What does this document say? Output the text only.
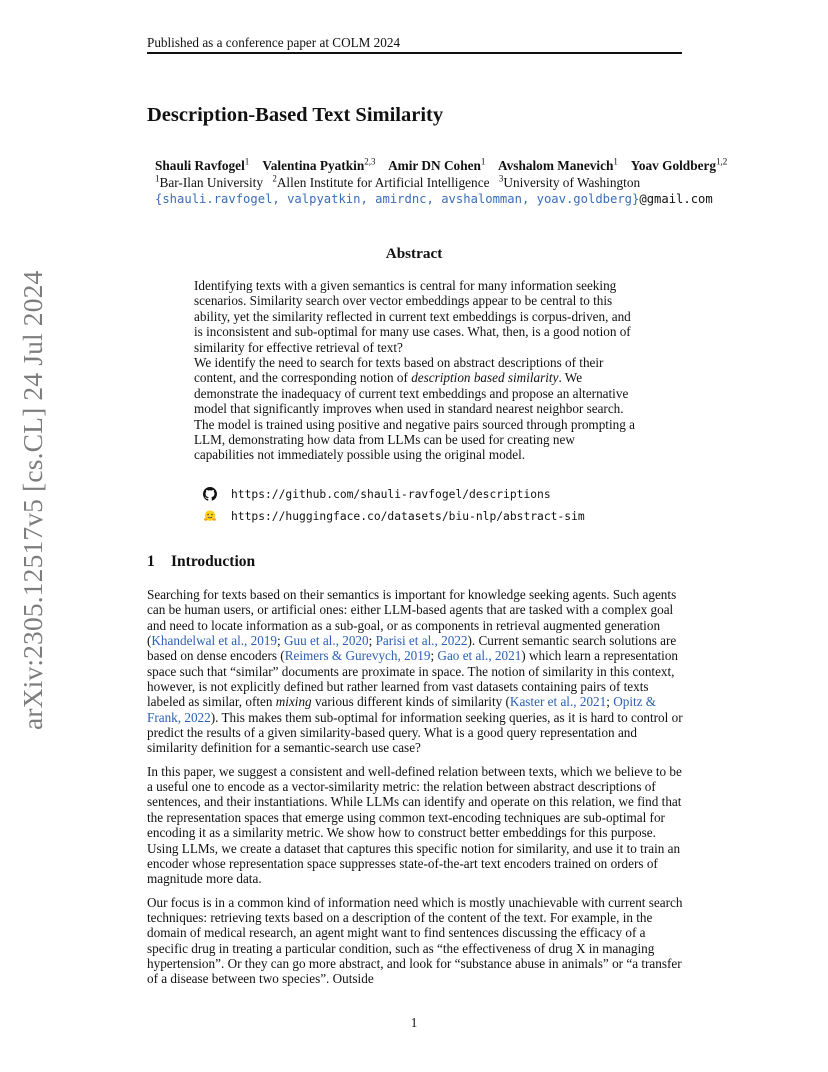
Published as a conference paper at COLM 2024
arXiv:2305.12517v5 [cs.CL] 24 Jul 2024
Description-Based Text Similarity
Shauli Ravfogel$^1$ Valentina Pyatkin$^{2,3}$ Amir DN Cohen$^1$ Avshalom Manevich$^1$ Yoav Goldberg$^{1,2}$
$^1$Bar-Ilan University $^2$Allen Institute for Artificial Intelligence $^3$University of Washington
{shauli.ravfogel, valpyatkin, amirdnc, avshalomman, yoav.goldberg}@gmail.com
Abstract

Identifying texts with a given semantics is central for many information seeking scenarios. Similarity search over vector embeddings appear to be central to this ability, yet the similarity reflected in current text embeddings is corpus-driven, and is inconsistent and sub-optimal for many use cases. What, then, is a good notion of similarity for effective retrieval of text?

We identify the need to search for texts based on abstract descriptions of their content, and the corresponding notion of description based similarity. We demonstrate the inadequacy of current text embeddings and propose an alternative model that significantly improves when used in standard nearest neighbor search. The model is trained using positive and negative pairs sourced through prompting a LLM, demonstrating how data from LLMs can be used for creating new capabilities not immediately possible using the original model.

https://github.com/shauli-ravfogel/descriptions
https://huggingface.co/datasets/biu-nlp/abstract-sim
1 Introduction

Searching for texts based on their semantics is important for knowledge seeking agents. Such agents can be human users, or artificial ones: either LLM-based agents that are tasked with a complex goal and need to locate information as a sub-goal, or as components in retrieval augmented generation (Khandelwal et al., 2019; Guu et al., 2020; Parisi et al., 2022). Current semantic search solutions are based on dense encoders (Reimers & Gurevych, 2019; Gao et al., 2021) which learn a representation space such that “similar” documents are proximate in space. The notion of similarity in this context, however, is not explicitly defined but rather learned from vast datasets containing pairs of texts labeled as similar, often mixing various different kinds of similarity (Kaster et al., 2021; Opitz & Frank, 2022). This makes them sub-optimal for information seeking queries, as it is hard to control or predict the results of a given similarity-based query. What is a good query representation and similarity definition for a semantic-search use case?

In this paper, we suggest a consistent and well-defined relation between texts, which we believe to be a useful one to encode as a vector-similarity metric: the relation between abstract descriptions of sentences, and their instantiations. While LLMs can identify and operate on this relation, we find that the representation spaces that emerge using common text-encoding techniques are sub-optimal for encoding it as a similarity metric. We show how to construct better embeddings for this purpose. Using LLMs, we create a dataset that captures this specific notion for similarity, and use it to train an encoder whose representation space suppresses state-of-the-art text encoders trained on orders of magnitude more data.

Our focus is in a common kind of information need which is mostly unachievable with current search techniques: retrieving texts based on a description of the content of the text. For example, in the domain of medical research, an agent might want to find sentences discussing the efficacy of a specific drug in treating a particular condition, such as “the effectiveness of drug X in managing hypertension”. Or they can go more abstract, and look for “substance abuse in animals” or “a transfer of a disease between two species”. Outside

1
